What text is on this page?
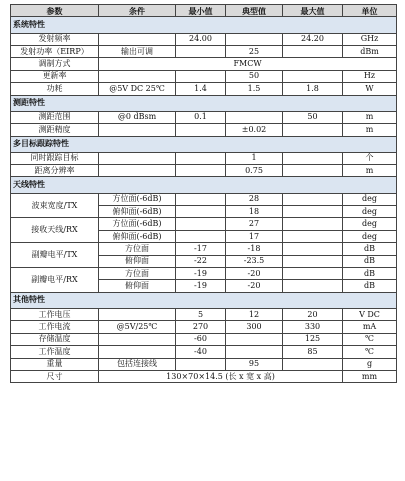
参数	条件	最小值	典型值	最大值	单位
系统特性					
发射频率		24.00		24.20	GHz
发射功率（EIRP）	输出可调		25		dBm
调制方式	FMCW				
更新率			50		Hz
功耗	@5V DC 25℃	1.4	1.5	1.8	W
测距特性					
测距范围	@0 dBsm	0.1		50	m
测距精度			±0.02		m
多目标跟踪特性					
同时跟踪目标			1		个
距离分辨率			0.75		m
天线特性					
波束宽度/TX	方位面(-6dB)		28		deg
	俯仰面(-6dB)		18		deg
接收天线/RX	方位面(-6dB)		27		deg
	俯仰面(-6dB)		17		deg
副瓣电平/TX	方位面	-17	-18		dB
	俯仰面	-22	-23.5		dB
副瓣电平/RX	方位面	-19	-20		dB
	俯仰面	-19	-20		dB
其他特性					
工作电压		5	12	20	V DC
工作电流	@5V/25℃	270	300	330	mA
存储温度		-60		125	℃
工作温度		-40		85	℃
重量	包括连接线		95		g
尺寸	130×70×14.5 (长 x 宽 x 高)				mm
